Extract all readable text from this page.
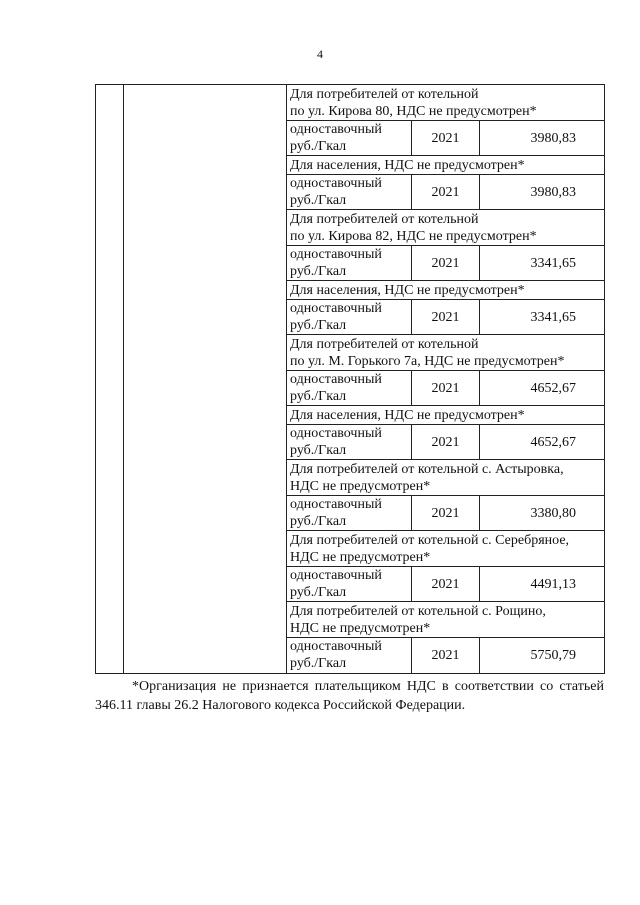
4

		Для потребителей от котельной
по ул. Кирова 80, НДС не предусмотрен*		

		одноставочный
руб./Гкал	2021	3980,83

		Для населения, НДС не предусмотрен*		

		одноставочный
руб./Гкал	2021	3980,83

		Для потребителей от котельной
по ул. Кирова 82, НДС не предусмотрен*		

		одноставочный
руб./Гкал	2021	3341,65

		Для населения, НДС не предусмотрен*		

		одноставочный
руб./Гкал	2021	3341,65

		Для потребителей от котельной
по ул. М. Горького 7а, НДС не предусмотрен*		

		одноставочный
руб./Гкал	2021	4652,67

		Для населения, НДС не предусмотрен*		

		одноставочный
руб./Гкал	2021	4652,67

		Для потребителей от котельной с. Астыровка,
НДС не предусмотрен*		

		одноставочный
руб./Гкал	2021	3380,80

		Для потребителей от котельной с. Серебряное,
НДС не предусмотрен*		

		одноставочный
руб./Гкал	2021	4491,13

		Для потребителей от котельной с. Рощино,
НДС не предусмотрен*		

		одноставочный
руб./Гкал	2021	5750,79

*Организация не признается плательщиком НДС в соответствии со статьей 346.11 главы 26.2 Налогового кодекса Российской Федерации.
